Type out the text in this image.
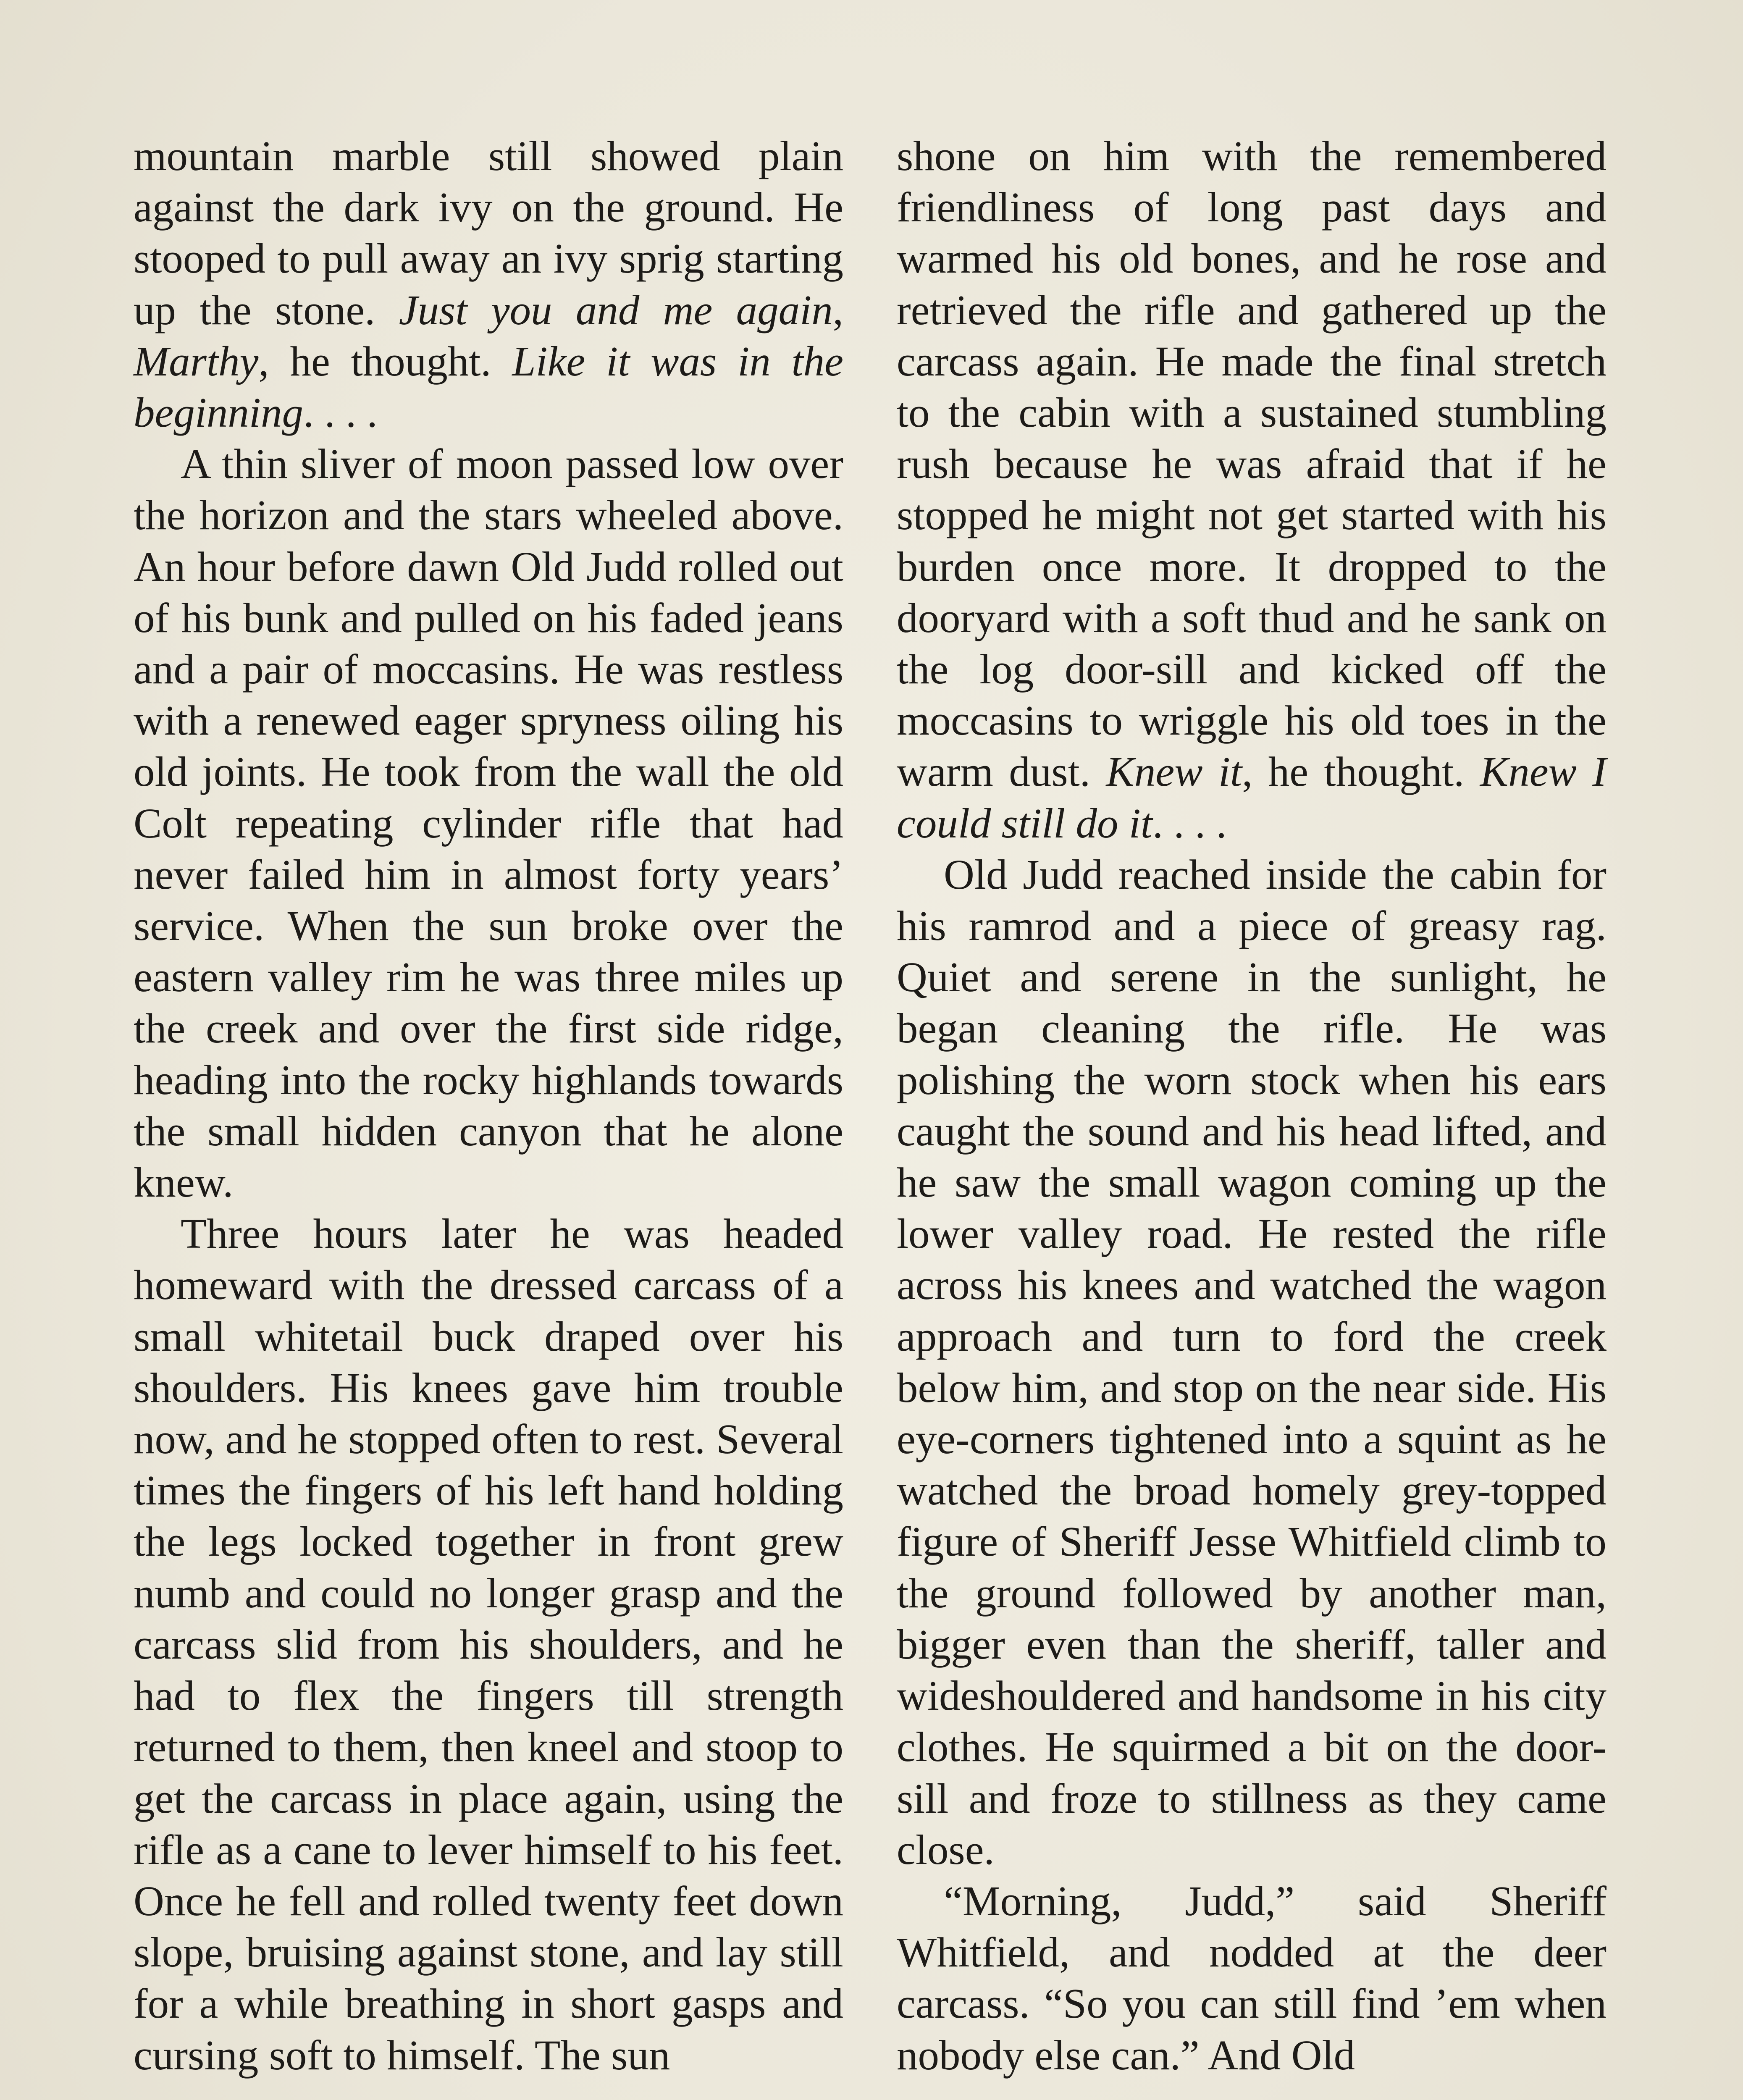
mountain marble still showed plain against the dark ivy on the ground. He stooped to pull away an ivy sprig starting up the stone. Just you and me again, Marthy, he thought. Like it was in the beginning. . . .

A thin sliver of moon passed low over the horizon and the stars wheeled above. An hour before dawn Old Judd rolled out of his bunk and pulled on his faded jeans and a pair of moccasins. He was restless with a renewed eager spryness oiling his old joints. He took from the wall the old Colt repeating cylinder rifle that had never failed him in almost forty years’ service. When the sun broke over the eastern valley rim he was three miles up the creek and over the first side ridge, heading into the rocky highlands towards the small hidden canyon that he alone knew.

Three hours later he was headed homeward with the dressed carcass of a small whitetail buck draped over his shoulders. His knees gave him trouble now, and he stopped often to rest. Several times the fingers of his left hand holding the legs locked together in front grew numb and could no longer grasp and the carcass slid from his shoulders, and he had to flex the fingers till strength returned to them, then kneel and stoop to get the carcass in place again, using the rifle as a cane to lever himself to his feet. Once he fell and rolled twenty feet down slope, bruising against stone, and lay still for a while breathing in short gasps and cursing soft to himself. The sun

shone on him with the remembered friendliness of long past days and warmed his old bones, and he rose and retrieved the rifle and gathered up the carcass again. He made the final stretch to the cabin with a sustained stumbling rush because he was afraid that if he stopped he might not get started with his burden once more. It dropped to the dooryard with a soft thud and he sank on the log door-sill and kicked off the moccasins to wriggle his old toes in the warm dust. Knew it, he thought. Knew I could still do it. . . .

Old Judd reached inside the cabin for his ramrod and a piece of greasy rag. Quiet and serene in the sunlight, he began cleaning the rifle. He was polishing the worn stock when his ears caught the sound and his head lifted, and he saw the small wagon coming up the lower valley road. He rested the rifle across his knees and watched the wagon approach and turn to ford the creek below him, and stop on the near side. His eye-corners tightened into a squint as he watched the broad homely grey-topped figure of Sheriff Jesse Whitfield climb to the ground followed by another man, bigger even than the sheriff, taller and wideshouldered and handsome in his city clothes. He squirmed a bit on the door-sill and froze to stillness as they came close.

“Morning, Judd,” said Sheriff Whitfield, and nodded at the deer carcass. “So you can still find ’em when nobody else can.” And Old
